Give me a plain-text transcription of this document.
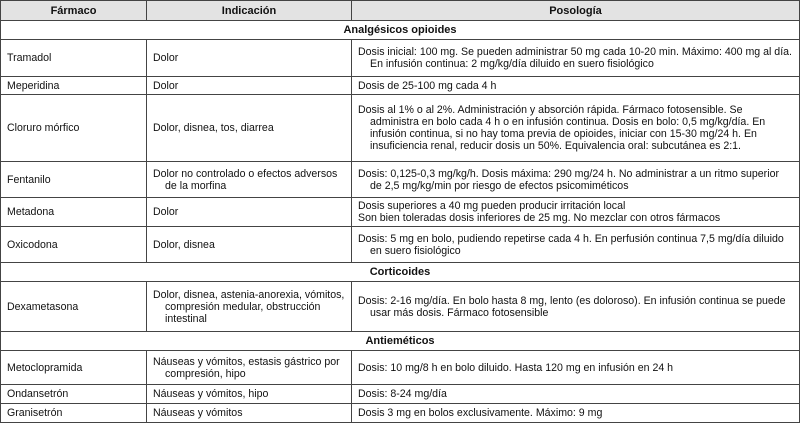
Fármaco	Indicación	Posología
Analgésicos opioides		
Tramadol	Dolor	Dosis inicial: 100 mg. Se pueden administrar 50 mg cada 10-20 min. Máximo: 400 mg al día. En infusión continua: 2 mg/kg/día diluido en suero fisiológico
Meperidina	Dolor	Dosis de 25-100 mg cada 4 h
Cloruro mórfico	Dolor, disnea, tos, diarrea	Dosis al 1% o al 2%. Administración y absorción rápida. Fármaco fotosensible. Se administra en bolo cada 4 h o en infusión continua. Dosis en bolo: 0,5 mg/kg/día. En infusión continua, si no hay toma previa de opioides, iniciar con 15-30 mg/24 h. En insuficiencia renal, reducir dosis un 50%. Equivalencia oral: subcutánea es 2:1.
Fentanilo	Dolor no controlado o efectos adversos de la morfina	Dosis: 0,125-0,3 mg/kg/h. Dosis máxima: 290 mg/24 h. No administrar a un ritmo superior de 2,5 mg/kg/min por riesgo de efectos psicomiméticos
Metadona	Dolor	Dosis superiores a 40 mg pueden producir irritación local
Son bien toleradas dosis inferiores de 25 mg. No mezclar con otros fármacos

Oxicodona	Dolor, disnea	Dosis: 5 mg en bolo, pudiendo repetirse cada 4 h. En perfusión continua 7,5 mg/día diluido en suero fisiológico
Corticoides		
Dexametasona	Dolor, disnea, astenia-anorexia, vómitos, compresión medular, obstrucción intestinal	Dosis: 2-16 mg/día. En bolo hasta 8 mg, lento (es doloroso). En infusión continua se puede usar más dosis. Fármaco fotosensible
Antieméticos		
Metoclopramida	Náuseas y vómitos, estasis gástrico por compresión, hipo	Dosis: 10 mg/8 h en bolo diluido. Hasta 120 mg en infusión en 24 h
Ondansetrón	Náuseas y vómitos, hipo	Dosis: 8-24 mg/día
Granisetrón	Náuseas y vómitos	Dosis 3 mg en bolos exclusivamente. Máximo: 9 mg
